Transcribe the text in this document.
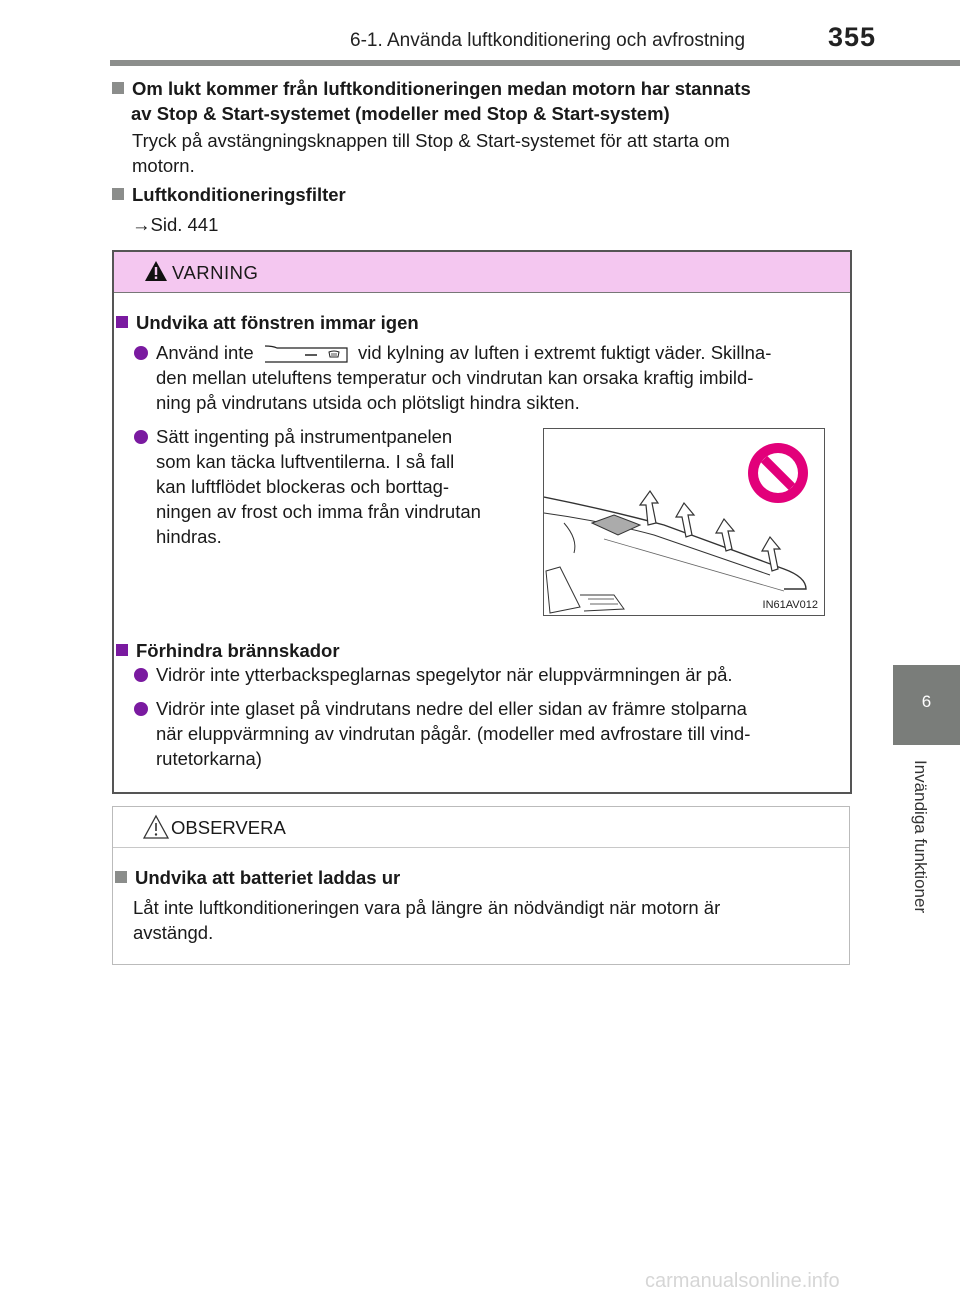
6-1. Använda luftkonditionering och avfrostning	355
6
Invändiga funktioner
Om lukt kommer från luftkonditioneringen medan motorn har stannats
av Stop & Start-systemet (modeller med Stop & Start-system)
Tryck på avstängningsknappen till Stop & Start-systemet för att starta om
motorn.
Luftkonditioneringsfilter
→Sid. 441
VARNING
Undvika att fönstren immar igen
Använd inte	vid kylning av luften i extremt fuktigt väder. Skillna-
den mellan uteluftens temperatur och vindrutan kan orsaka kraftig imbild-
ning på vindrutans utsida och plötsligt hindra sikten.
Sätt ingenting på instrumentpanelen
som kan täcka luftventilerna. I så fall
kan luftflödet blockeras och borttag-
ningen av frost och imma från vindrutan
hindras.
Förhindra brännskador
Vidrör inte ytterbackspeglarnas spegelytor när eluppvärmningen är på.
Vidrör inte glaset på vindrutans nedre del eller sidan av främre stolparna
när eluppvärmning av vindrutan pågår. (modeller med avfrostare till vind-
rutetorkarna)
IN61AV012
OBSERVERA
Undvika att batteriet laddas ur
Låt inte luftkonditioneringen vara på längre än nödvändigt när motorn är
avstängd.
carmanualsonline.info
